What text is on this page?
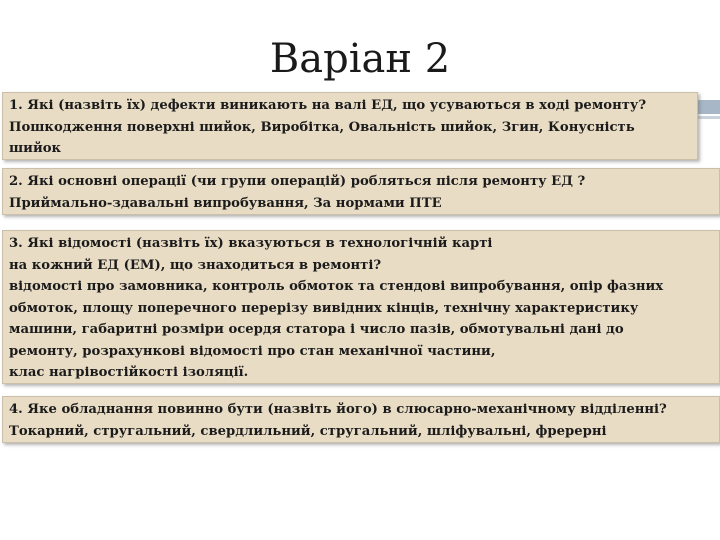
Варіан 2
1. Які (назвіть їх) дефекти виникають на валі ЕД, що усуваються в ході ремонту?
Пошкодження поверхні шийок, Виробітка, Овальність шийок, Згин, Конусність
шийок
2. Які основні операції (чи групи операцій) робляться після ремонту ЕД ?
Приймально-здавальні випробування, За нормами ПТЕ
3. Які відомості (назвіть їх) вказуються в технологічній карті
на кожний ЕД (ЕМ), що знаходиться в ремонті?
відомості про замовника, контроль обмоток та стендові випробування, опір фазних
обмоток, площу поперечного перерізу вивідних кінців, технічну характеристику
машини, габаритні розміри осердя статора і число пазів, обмотувальні дані до
ремонту, розрахункові відомості про стан механічної частини,
клас нагрівостійкості ізоляції.
4. Яке обладнання повинно бути (назвіть його) в слюсарно-механічному відділенні?
Токарний, стругальний, свердлильний, стругальний, шліфувальні, фререрні
